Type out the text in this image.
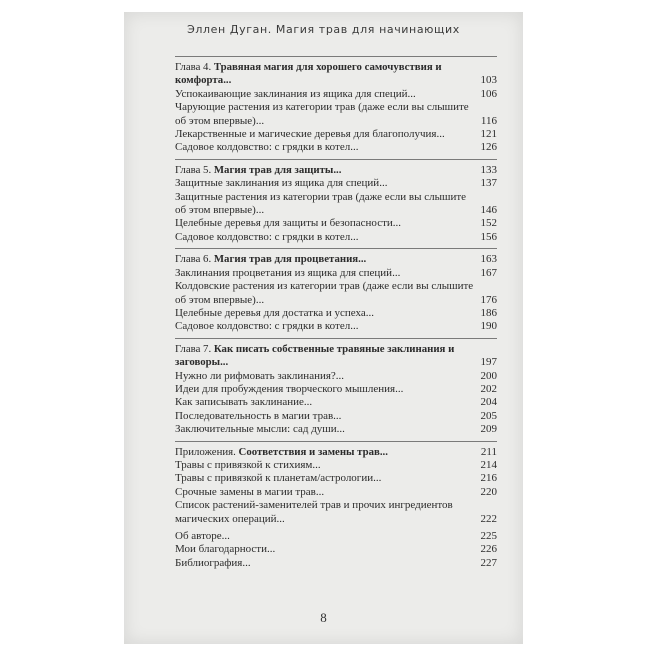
Эллен Дуган. Магия трав для начинающих
Глава 4. Травяная магия для хорошего самочувствия и комфорта...	103
Успокаивающие заклинания из ящика для специй...	106
Чарующие растения из категории трав (даже если вы слышите об этом впервые)...	116
Лекарственные и магические деревья для благополучия...	121
Садовое колдовство: с грядки в котел...	126
Глава 5. Магия трав для защиты...	133
Защитные заклинания из ящика для специй...	137
Защитные растения из категории трав (даже если вы слышите об этом впервые)...	146
Целебные деревья для защиты и безопасности...	152
Садовое колдовство: с грядки в котел...	156
Глава 6. Магия трав для процветания...	163
Заклинания процветания из ящика для специй...	167
Колдовские растения из категории трав (даже если вы слышите об этом впервые)...	176
Целебные деревья для достатка и успеха...	186
Садовое колдовство: с грядки в котел...	190
Глава 7. Как писать собственные травяные заклинания и заговоры...	197
Нужно ли рифмовать заклинания?...	200
Идеи для пробуждения творческого мышления...	202
Как записывать заклинание...	204
Последовательность в магии трав...	205
Заключительные мысли: сад души...	209
Приложения. Соответствия и замены трав...	211
Травы с привязкой к стихиям...	214
Травы с привязкой к планетам/астрологии...	216
Срочные замены в магии трав...	220
Список растений-заменителей трав и прочих ингредиентов магических операций...	222
Об авторе...	225
Мои благодарности...	226
Библиография...	227
8
